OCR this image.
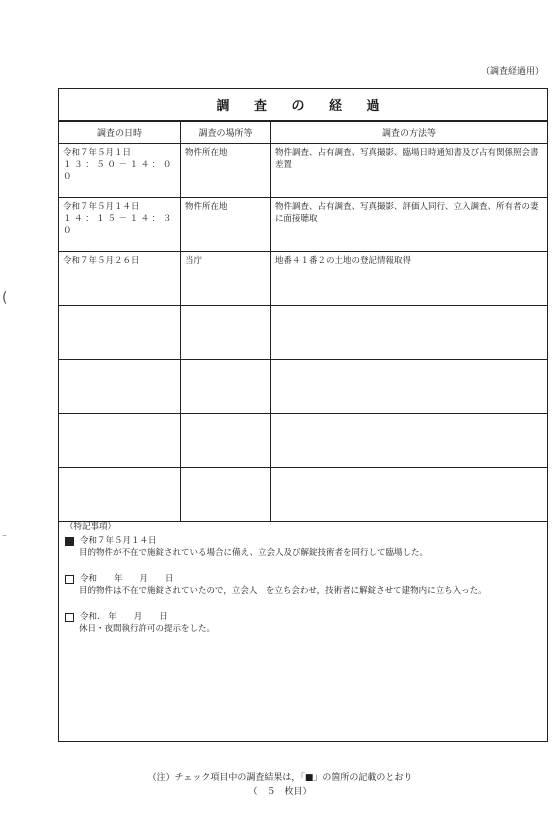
(
–
（調査経過用）
調 査 の 経 過
調査の日時	調査の場所等	調査の方法等
令和７年５月１日
１３：５０－１４：００
物件所在地	物件調査、占有調査、写真撮影、臨場日時通知書及び占有関係照会書差置
令和７年５月１４日
１４：１５－１４：３０
物件所在地	物件調査、占有調査、写真撮影、評価人同行、立入調査、所有者の妻に面接聴取
令和７年５月２６日	当庁	地番４１番２の土地の登記情報取得
（特記事項）
令和７年５月１４日
目的物件が不在で施錠されている場合に備え、立会人及び解錠技術者を同行して臨場した。
令和　　年　　月　　日
目的物件は不在で施錠されていたので，立会人　を立ち会わせ，技術者に解錠させて建物内に立ち入った。
令和.　年　　月　　日
休日・夜間執行許可の提示をした。
（注）チェック項目中の調査結果は，「■」の箇所の記載のとおり
（　５　枚目）
